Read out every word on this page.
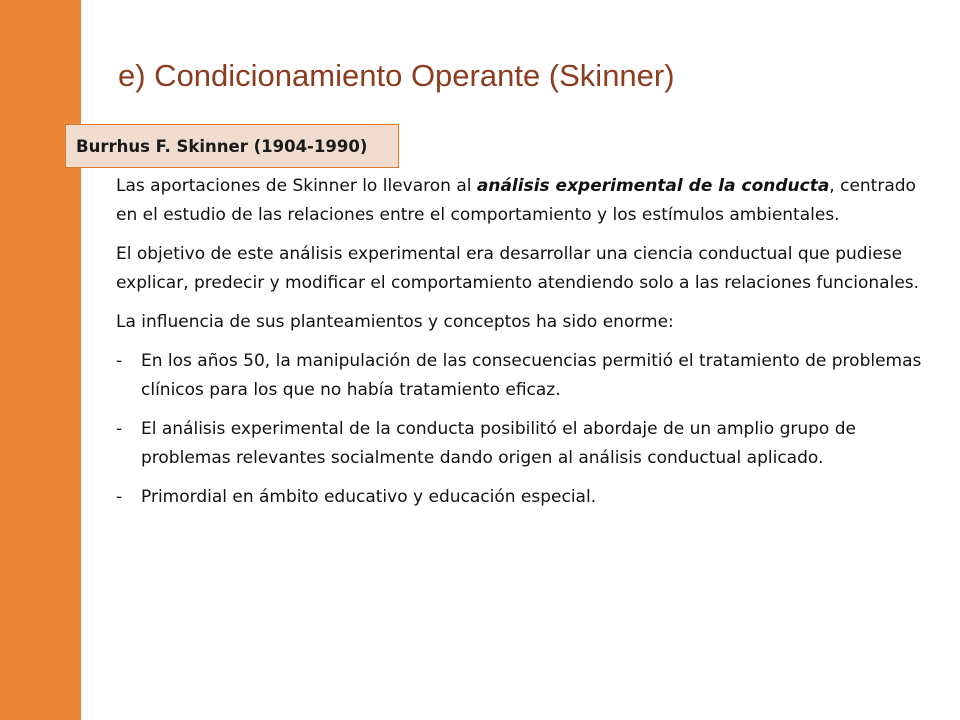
e) Condicionamiento Operante (Skinner)
Burrhus F. Skinner (1904-1990)

Las aportaciones de Skinner lo llevaron al análisis experimental de la conducta, centrado en el estudio de las relaciones entre el comportamiento y los estímulos ambientales.

El objetivo de este análisis experimental era desarrollar una ciencia conductual que pudiese explicar, predecir y modificar el comportamiento atendiendo solo a las relaciones funcionales.

La influencia de sus planteamientos y conceptos ha sido enorme:

- En los años 50, la manipulación de las consecuencias permitió el tratamiento de problemas clínicos para los que no había tratamiento eficaz.
- El análisis experimental de la conducta posibilitó el abordaje de un amplio grupo de problemas relevantes socialmente dando origen al análisis conductual aplicado.
- Primordial en ámbito educativo y educación especial.
